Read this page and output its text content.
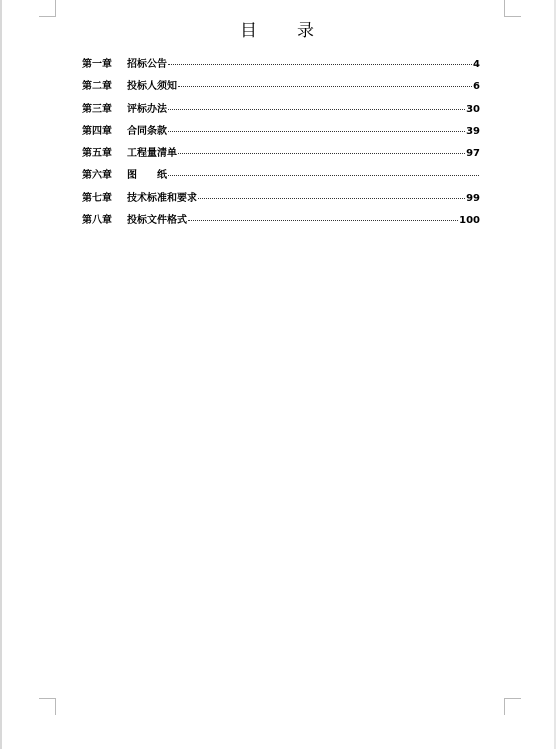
目 录
第一章	招标公告	4
第二章	投标人须知	6
第三章	评标办法	30
第四章	合同条款	39
第五章	工程量清单	97
第六章	图　　纸
第七章	技术标准和要求	99
第八章	投标文件格式	100
